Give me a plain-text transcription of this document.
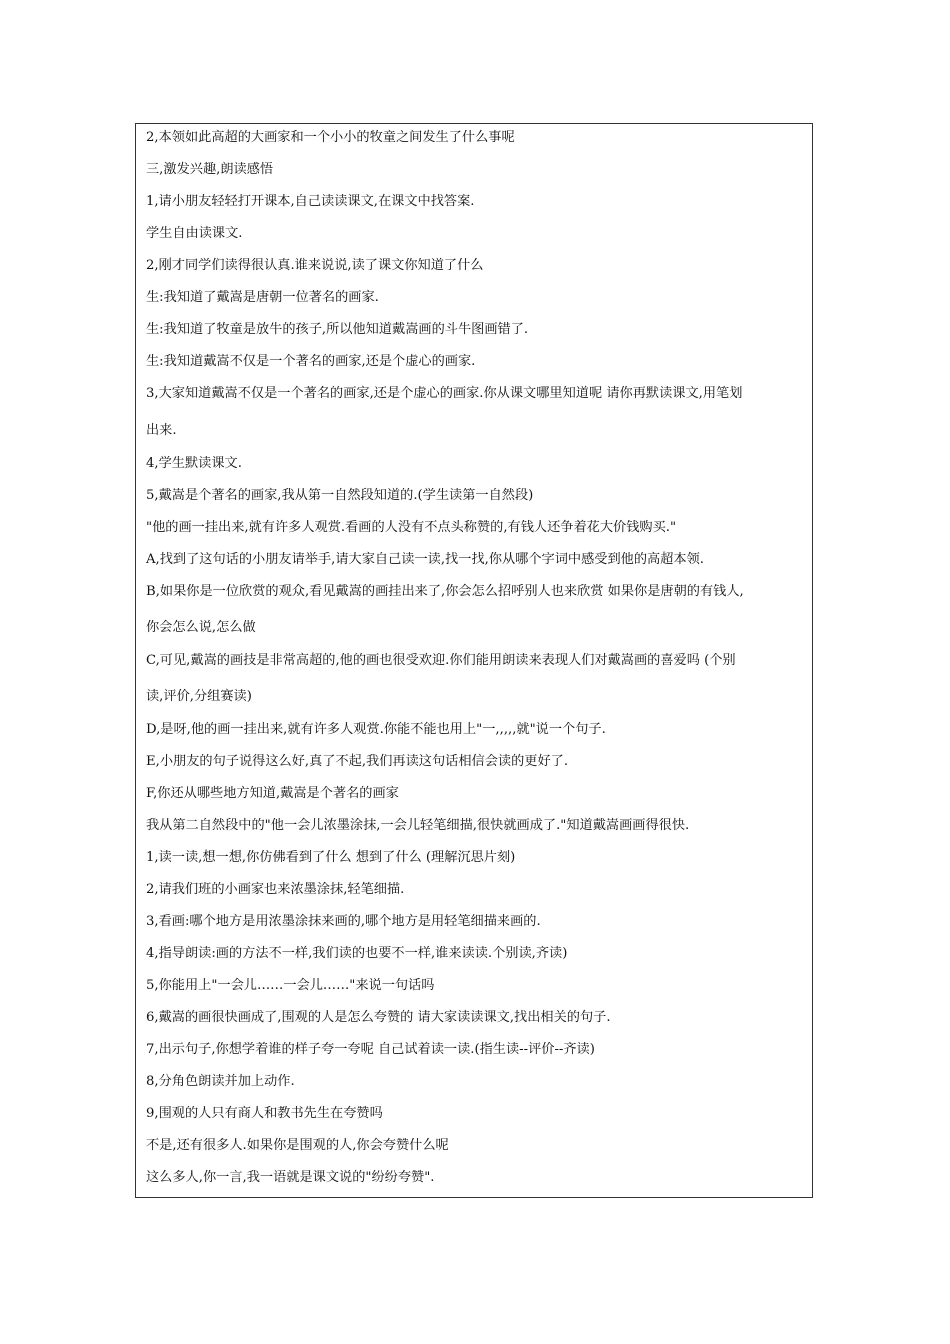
2,本领如此高超的大画家和一个小小的牧童之间发生了什么事呢
三,激发兴趣,朗读感悟
1,请小朋友轻轻打开课本,自己读读课文,在课文中找答案.
学生自由读课文.
2,刚才同学们读得很认真.谁来说说,读了课文你知道了什么
生:我知道了戴嵩是唐朝一位著名的画家.
生:我知道了牧童是放牛的孩子,所以他知道戴嵩画的斗牛图画错了.
生:我知道戴嵩不仅是一个著名的画家,还是个虚心的画家.
3,大家知道戴嵩不仅是一个著名的画家,还是个虚心的画家.你从课文哪里知道呢 请你再默读课文,用笔划
出来.
4,学生默读课文.
5,戴嵩是个著名的画家,我从第一自然段知道的.(学生读第一自然段)
"他的画一挂出来,就有许多人观赏.看画的人没有不点头称赞的,有钱人还争着花大价钱购买."
A,找到了这句话的小朋友请举手,请大家自己读一读,找一找,你从哪个字词中感受到他的高超本领.
B,如果你是一位欣赏的观众,看见戴嵩的画挂出来了,你会怎么招呼别人也来欣赏 如果你是唐朝的有钱人,
你会怎么说,怎么做
C,可见,戴嵩的画技是非常高超的,他的画也很受欢迎.你们能用朗读来表现人们对戴嵩画的喜爱吗 (个别
读,评价,分组赛读)
D,是呀,他的画一挂出来,就有许多人观赏.你能不能也用上"一,,,,,就"说一个句子.
E,小朋友的句子说得这么好,真了不起,我们再读这句话相信会读的更好了.
F,你还从哪些地方知道,戴嵩是个著名的画家
我从第二自然段中的"他一会儿浓墨涂抹,一会儿轻笔细描,很快就画成了."知道戴嵩画画得很快.
1,读一读,想一想,你仿佛看到了什么 想到了什么 (理解沉思片刻)
2,请我们班的小画家也来浓墨涂抹,轻笔细描.
3,看画:哪个地方是用浓墨涂抹来画的,哪个地方是用轻笔细描来画的.
4,指导朗读:画的方法不一样,我们读的也要不一样,谁来读读.个别读,齐读)
5,你能用上"一会儿……一会儿……"来说一句话吗
6,戴嵩的画很快画成了,围观的人是怎么夸赞的 请大家读读课文,找出相关的句子.
7,出示句子,你想学着谁的样子夸一夸呢 自己试着读一读.(指生读--评价--齐读)
8,分角色朗读并加上动作.
9,围观的人只有商人和教书先生在夸赞吗
不是,还有很多人.如果你是围观的人,你会夸赞什么呢
这么多人,你一言,我一语就是课文说的"纷纷夸赞".
